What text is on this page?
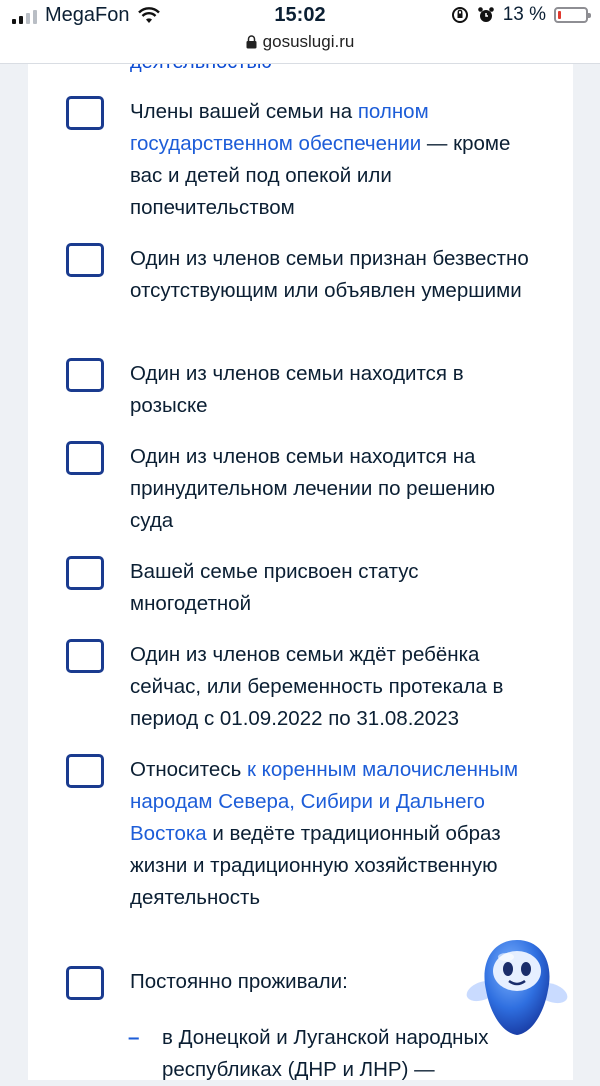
MegaFon	15:02	13 %
gosuslugi.ru
Члены вашей семьи на полном государственном обеспечении — кроме вас и детей под опекой или попечительством
Один из членов семьи признан безвестно отсутствующим или объявлен умершими
Один из членов семьи находится в розыске
Один из членов семьи находится на принудительном лечении по решению суда
Вашей семье присвоен статус многодетной
Один из членов семьи ждёт ребёнка сейчас, или беременность протекала в период с 01.09.2022 по 31.08.2023
Относитесь к коренным малочисленным народам Севера, Сибири и Дальнего Востока и ведёте традиционный образ жизни и традиционную хозяйственную деятельность
Постоянно проживали:
–	в Донецкой и Луганской народных республиках (ДНР и ЛНР) —
